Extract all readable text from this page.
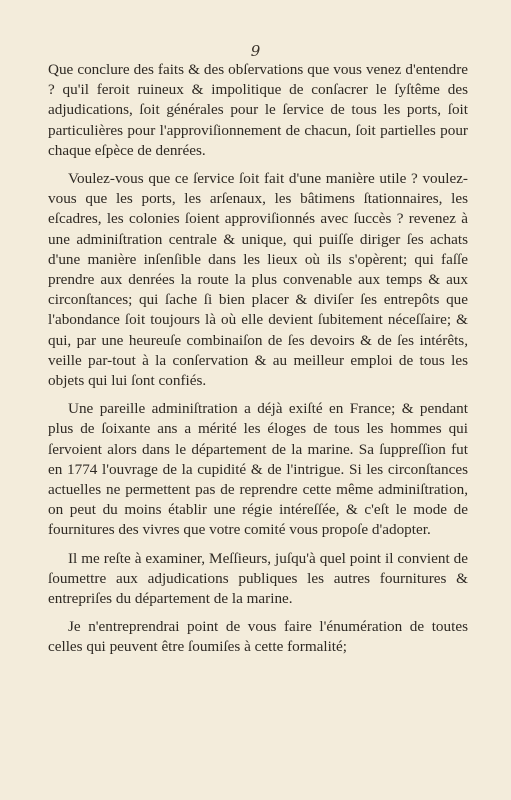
9

Que conclure des faits & des obſervations que vous venez d'entendre ? qu'il feroit ruineux & impolitique de conſacrer le ſyſtême des adjudications, ſoit générales pour le ſervice de tous les ports, ſoit particulières pour l'approviſionnement de chacun, ſoit partielles pour chaque eſpèce de denrées.

Voulez-vous que ce ſervice ſoit fait d'une manière utile ? voulez-vous que les ports, les arſenaux, les bâtimens ſtationnaires, les eſcadres, les colonies ſoient approviſionnés avec ſuccès ? revenez à une adminiſtration centrale & unique, qui puiſſe diriger ſes achats d'une manière inſenſible dans les lieux où ils s'opèrent; qui faſſe prendre aux denrées la route la plus convenable aux temps & aux circonſtances; qui ſache ſi bien placer & diviſer ſes entrepôts que l'abondance ſoit toujours là où elle devient ſubitement néceſſaire; & qui, par une heureuſe combinaiſon de ſes devoirs & de ſes intérêts, veille par-tout à la conſervation & au meilleur emploi de tous les objets qui lui ſont confiés.

Une pareille adminiſtration a déjà exiſté en France; & pendant plus de ſoixante ans a mérité les éloges de tous les hommes qui ſervoient alors dans le département de la marine. Sa ſuppreſſion fut en 1774 l'ouvrage de la cupidité & de l'intrigue. Si les circonſtances actuelles ne permettent pas de reprendre cette même adminiſtration, on peut du moins établir une régie intéreſſée, & c'eſt le mode de fournitures des vivres que votre comité vous propoſe d'adopter.

Il me reſte à examiner, Meſſieurs, juſqu'à quel point il convient de ſoumettre aux adjudications publiques les autres fournitures & entrepriſes du département de la marine.

Je n'entreprendrai point de vous faire l'énumération de toutes celles qui peuvent être ſoumiſes à cette formalité;
